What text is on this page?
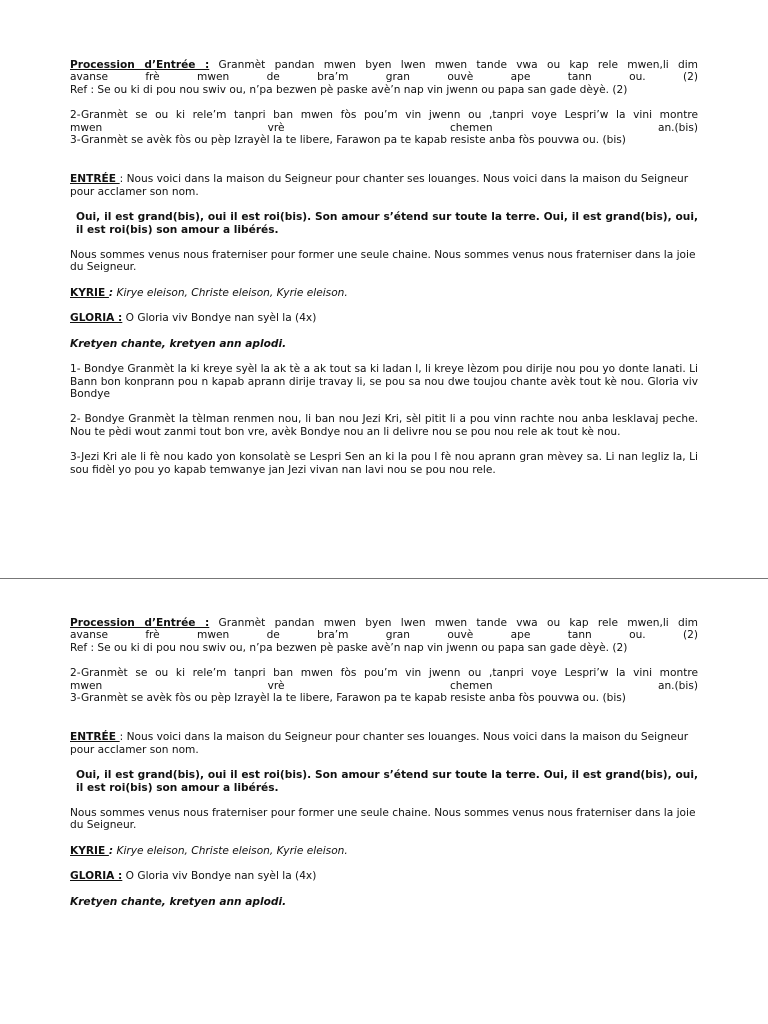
Procession d’Entrée : Granmèt pandan mwen byen lwen mwen tande vwa ou kap rele mwen,li dim

avanse frè mwen de bra’m gran ouvè ape tann ou. (2)

Ref : Se ou ki di pou nou swiv ou, n’pa bezwen pè paske avè’n nap vin jwenn ou papa san gade dèyè. (2)

2-Granmèt se ou ki rele’m tanpri ban mwen fòs pou’m vin jwenn ou ,tanpri voye Lespri’w la vini montre

mwen vrè chemen an.(bis)

3-Granmèt se avèk fòs ou pèp Izrayèl la te libere, Farawon pa te kapab resiste anba fòs pouvwa ou. (bis)

ENTRÉE : Nous voici dans la maison du Seigneur pour chanter ses louanges. Nous voici dans la maison du Seigneur pour acclamer son nom.

Oui, il est grand(bis), oui il est roi(bis). Son amour s’étend sur toute la terre. Oui, il est grand(bis), oui, il est roi(bis) son amour a libérés.

Nous sommes venus nous fraterniser pour former une seule chaine. Nous sommes venus nous fraterniser dans la joie du Seigneur.

KYRIE : Kirye eleison, Christe eleison, Kyrie eleison.

GLORIA : O Gloria viv Bondye nan syèl la (4x)

Kretyen chante, kretyen ann aplodi.

1- Bondye Granmèt la ki kreye syèl la ak tè a ak tout sa ki ladan l, li kreye lèzom pou dirije nou pou yo donte lanati. Li Bann bon konprann pou n kapab aprann dirije travay li, se pou sa nou dwe toujou chante avèk tout kè nou. Gloria viv Bondye

2- Bondye Granmèt la tèlman renmen nou, li ban nou Jezi Kri, sèl pitit li a pou vinn rachte nou anba lesklavaj peche. Nou te pèdi wout zanmi tout bon vre, avèk Bondye nou an li delivre nou se pou nou rele ak tout kè nou.

3-Jezi Kri ale li fè nou kado yon konsolatè se Lespri Sen an ki la pou l fè nou aprann gran mèvey sa. Li nan legliz la, Li sou fidèl yo pou yo kapab temwanye jan Jezi vivan nan lavi nou se pou nou rele.

Procession d’Entrée : Granmèt pandan mwen byen lwen mwen tande vwa ou kap rele mwen,li dim

avanse frè mwen de bra’m gran ouvè ape tann ou. (2)

Ref : Se ou ki di pou nou swiv ou, n’pa bezwen pè paske avè’n nap vin jwenn ou papa san gade dèyè. (2)

2-Granmèt se ou ki rele’m tanpri ban mwen fòs pou’m vin jwenn ou ,tanpri voye Lespri’w la vini montre

mwen vrè chemen an.(bis)

3-Granmèt se avèk fòs ou pèp Izrayèl la te libere, Farawon pa te kapab resiste anba fòs pouvwa ou. (bis)

ENTRÉE : Nous voici dans la maison du Seigneur pour chanter ses louanges. Nous voici dans la maison du Seigneur pour acclamer son nom.

Oui, il est grand(bis), oui il est roi(bis). Son amour s’étend sur toute la terre. Oui, il est grand(bis), oui, il est roi(bis) son amour a libérés.

Nous sommes venus nous fraterniser pour former une seule chaine. Nous sommes venus nous fraterniser dans la joie du Seigneur.

KYRIE : Kirye eleison, Christe eleison, Kyrie eleison.

GLORIA : O Gloria viv Bondye nan syèl la (4x)

Kretyen chante, kretyen ann aplodi.
